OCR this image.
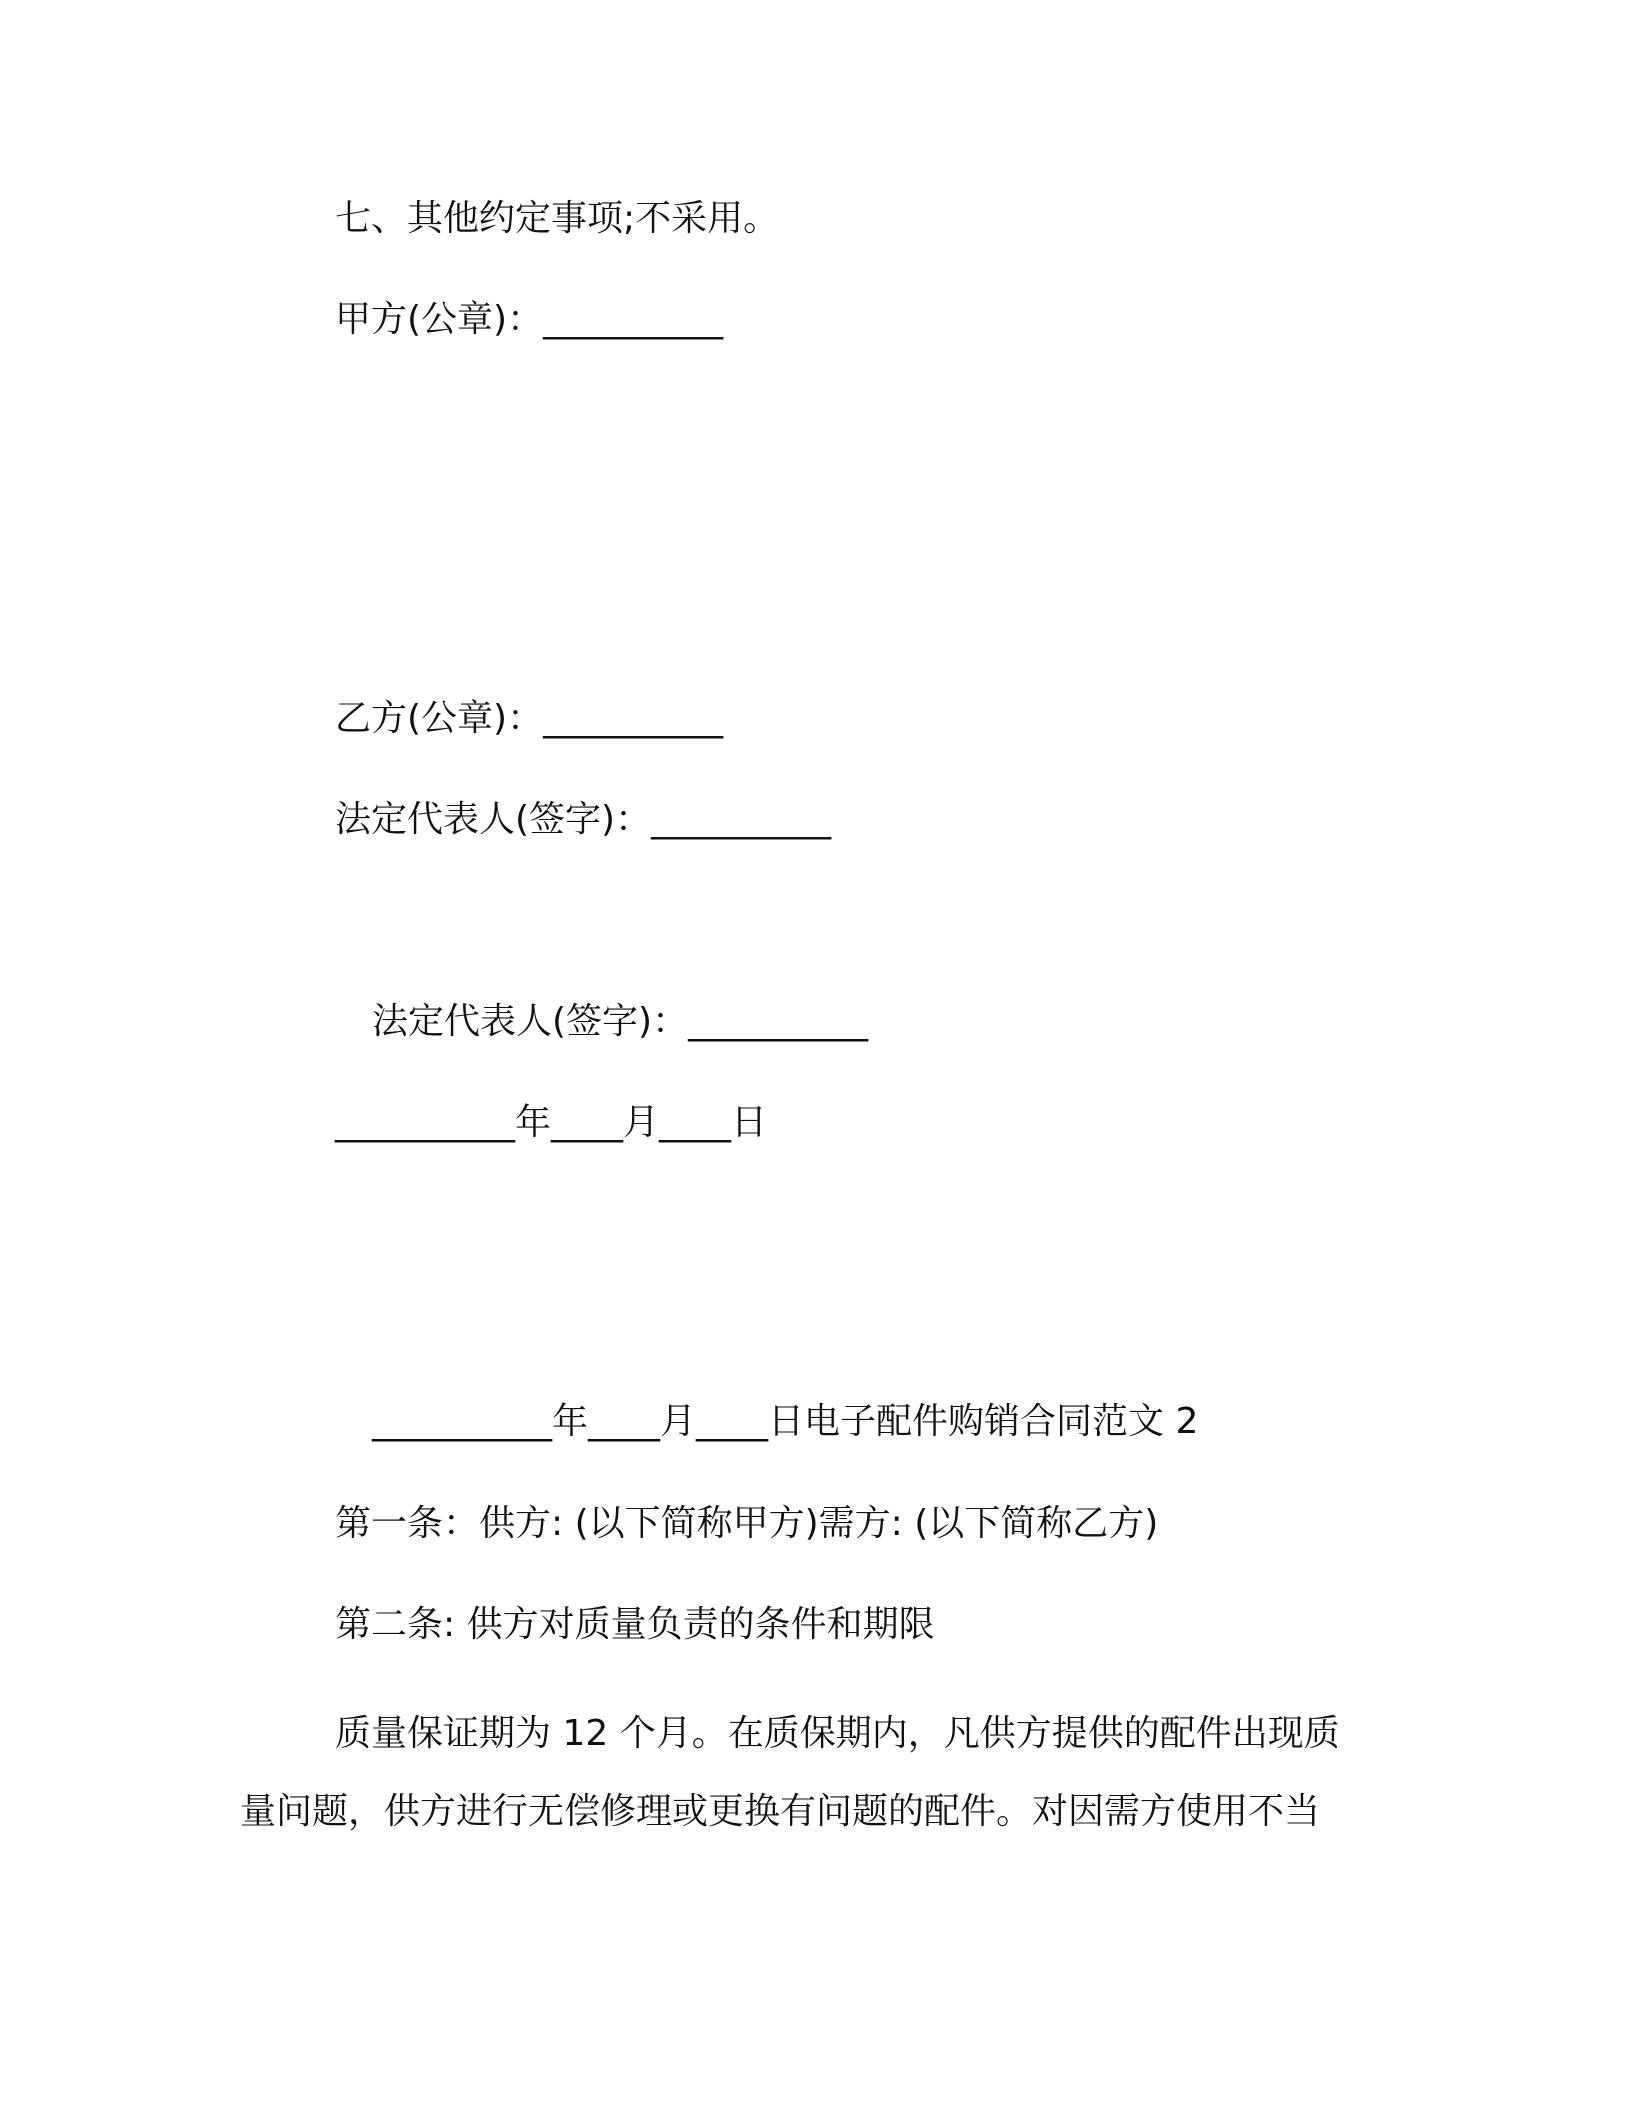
七、其他约定事项;不采用。
甲方(公章)：__________
乙方(公章)：__________
法定代表人(签字)：__________
法定代表人(签字)：__________
__________年____月____日
__________年____月____日电子配件购销合同范文 2
第一条：供方: (以下简称甲方)需方: (以下简称乙方)
第二条: 供方对质量负责的条件和期限
质量保证期为 12 个月。在质保期内，凡供方提供的配件出现质
量问题，供方进行无偿修理或更换有问题的配件。对因需方使用不当
